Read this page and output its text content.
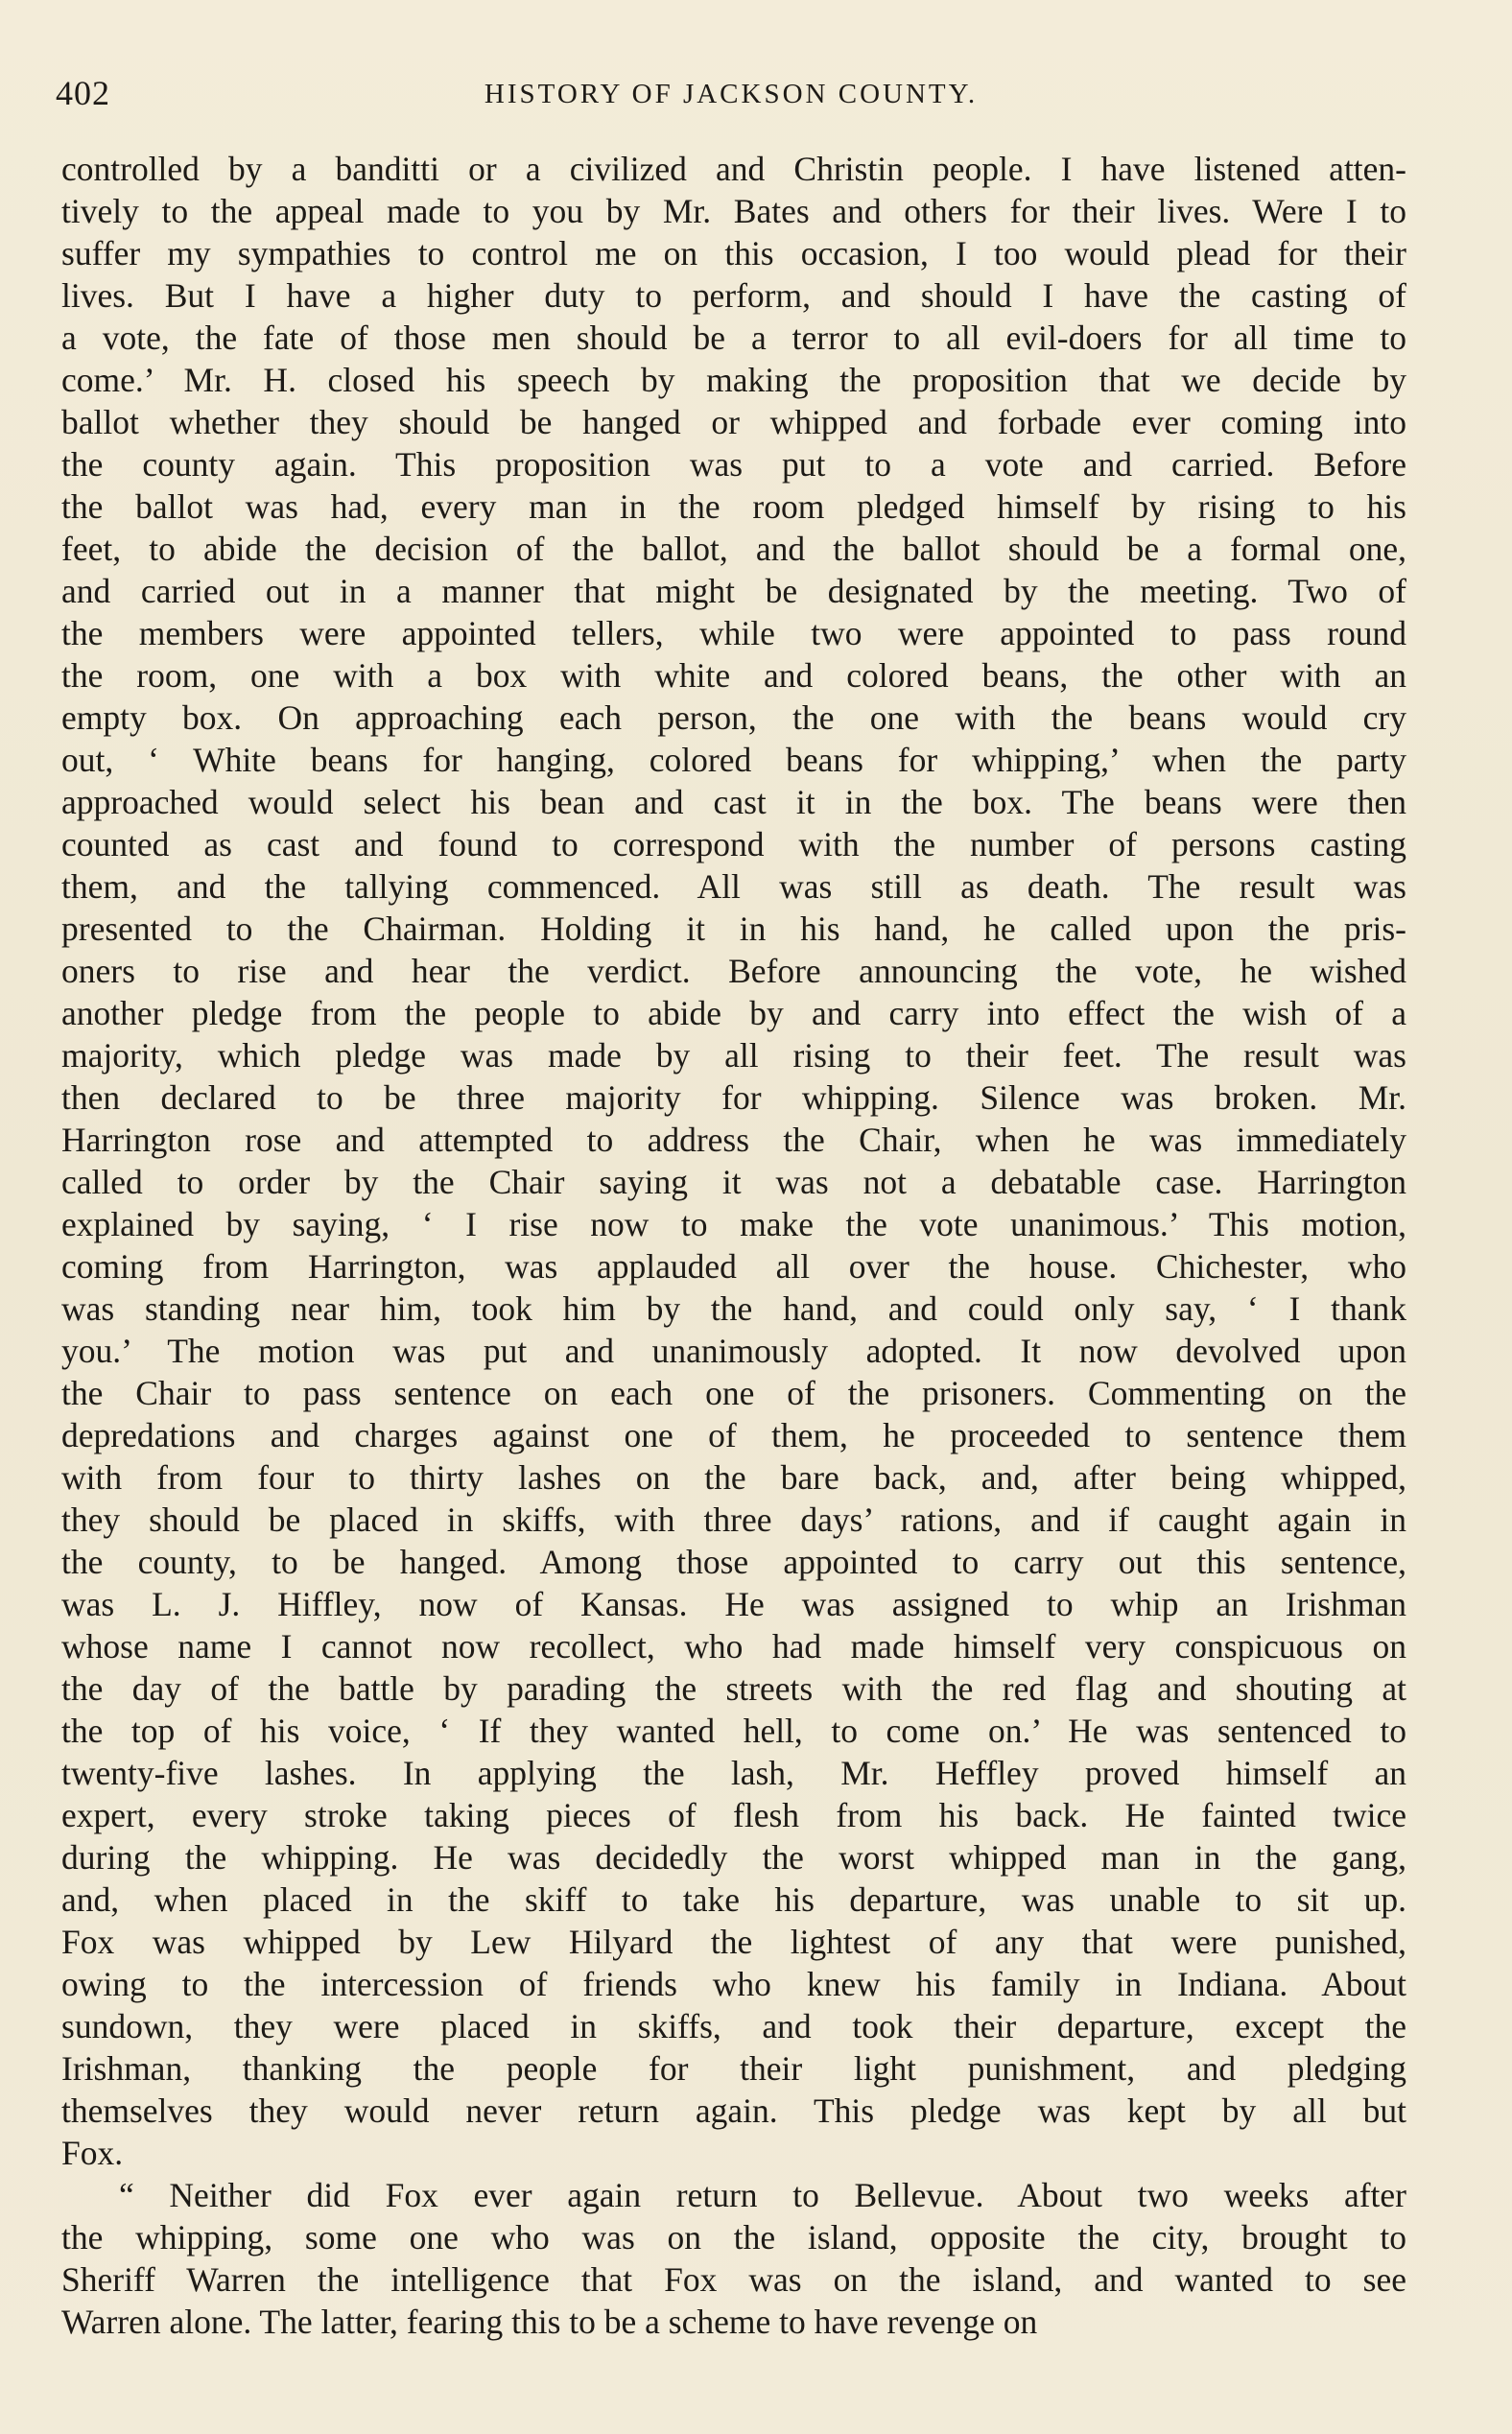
402	HISTORY OF JACKSON COUNTY.
controlled by a banditti or a civilized and Christin people. I have listened atten-
tively to the appeal made to you by Mr. Bates and others for their lives. Were I to
suffer my sympathies to control me on this occasion, I too would plead for their
lives. But I have a higher duty to perform, and should I have the casting of
a vote, the fate of those men should be a terror to all evil-doers for all time to
come.’ Mr. H. closed his speech by making the proposition that we decide by
ballot whether they should be hanged or whipped and forbade ever coming into
the county again. This proposition was put to a vote and carried. Before
the ballot was had, every man in the room pledged himself by rising to his
feet, to abide the decision of the ballot, and the ballot should be a formal one,
and carried out in a manner that might be designated by the meeting. Two of
the members were appointed tellers, while two were appointed to pass round
the room, one with a box with white and colored beans, the other with an
empty box. On approaching each person, the one with the beans would cry
out, ‘ White beans for hanging, colored beans for whipping,’ when the party
approached would select his bean and cast it in the box. The beans were then
counted as cast and found to correspond with the number of persons casting
them, and the tallying commenced. All was still as death. The result was
presented to the Chairman. Holding it in his hand, he called upon the pris-
oners to rise and hear the verdict. Before announcing the vote, he wished
another pledge from the people to abide by and carry into effect the wish of a
majority, which pledge was made by all rising to their feet. The result was
then declared to be three majority for whipping. Silence was broken. Mr.
Harrington rose and attempted to address the Chair, when he was immediately
called to order by the Chair saying it was not a debatable case. Harrington
explained by saying, ‘ I rise now to make the vote unanimous.’ This motion,
coming from Harrington, was applauded all over the house. Chichester, who
was standing near him, took him by the hand, and could only say, ‘ I thank
you.’ The motion was put and unanimously adopted. It now devolved upon
the Chair to pass sentence on each one of the prisoners. Commenting on the
depredations and charges against one of them, he proceeded to sentence them
with from four to thirty lashes on the bare back, and, after being whipped,
they should be placed in skiffs, with three days’ rations, and if caught again in
the county, to be hanged. Among those appointed to carry out this sentence,
was L. J. Hiffley, now of Kansas. He was assigned to whip an Irishman
whose name I cannot now recollect, who had made himself very conspicuous on
the day of the battle by parading the streets with the red flag and shouting at
the top of his voice, ‘ If they wanted hell, to come on.’ He was sentenced to
twenty-five lashes. In applying the lash, Mr. Heffley proved himself an
expert, every stroke taking pieces of flesh from his back. He fainted twice
during the whipping. He was decidedly the worst whipped man in the gang,
and, when placed in the skiff to take his departure, was unable to sit up.
Fox was whipped by Lew Hilyard the lightest of any that were punished,
owing to the intercession of friends who knew his family in Indiana. About
sundown, they were placed in skiffs, and took their departure, except the
Irishman, thanking the people for their light punishment, and pledging
themselves they would never return again. This pledge was kept by all but
Fox.
“ Neither did Fox ever again return to Bellevue. About two weeks after
the whipping, some one who was on the island, opposite the city, brought to
Sheriff Warren the intelligence that Fox was on the island, and wanted to see
Warren alone. The latter, fearing this to be a scheme to have revenge on
